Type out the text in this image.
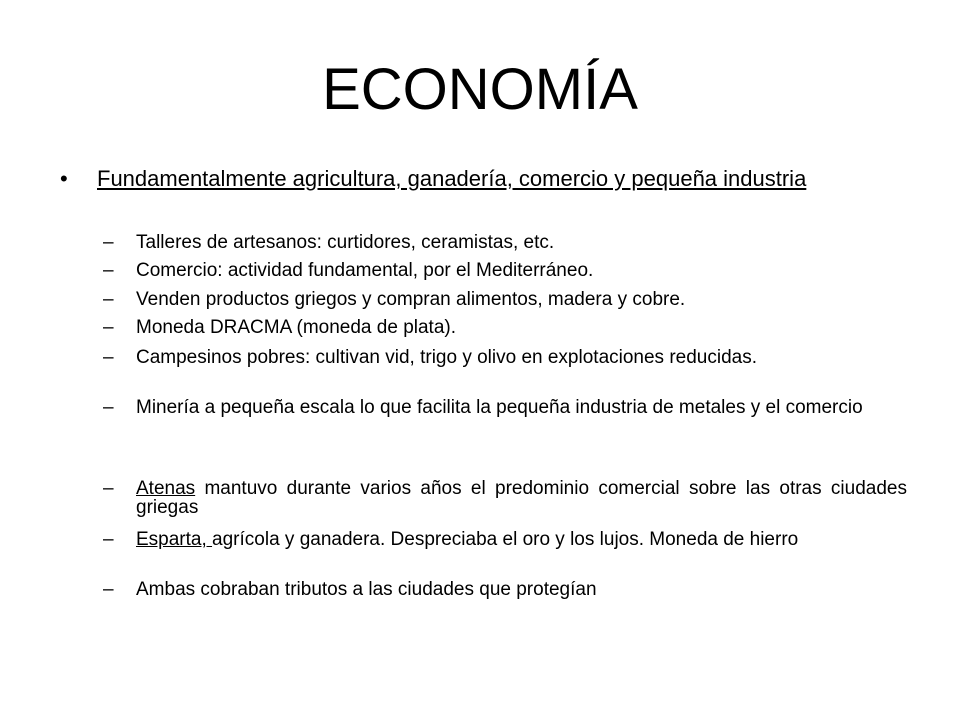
ECONOMÍA
• Fundamentalmente agricultura, ganadería, comercio y pequeña industria
– Talleres de artesanos: curtidores, ceramistas, etc.
– Comercio: actividad fundamental, por el Mediterráneo.
– Venden productos griegos y compran alimentos, madera y cobre.
– Moneda DRACMA (moneda de plata).
– Campesinos pobres: cultivan vid, trigo y olivo en explotaciones reducidas.
– Minería a pequeña escala lo que facilita la pequeña industria de metales y el comercio
– Atenas mantuvo durante varios años el predominio comercial sobre las otras ciudades griegas
– Esparta, agrícola y ganadera. Despreciaba el oro y los lujos. Moneda de hierro
– Ambas cobraban tributos a las ciudades que protegían
